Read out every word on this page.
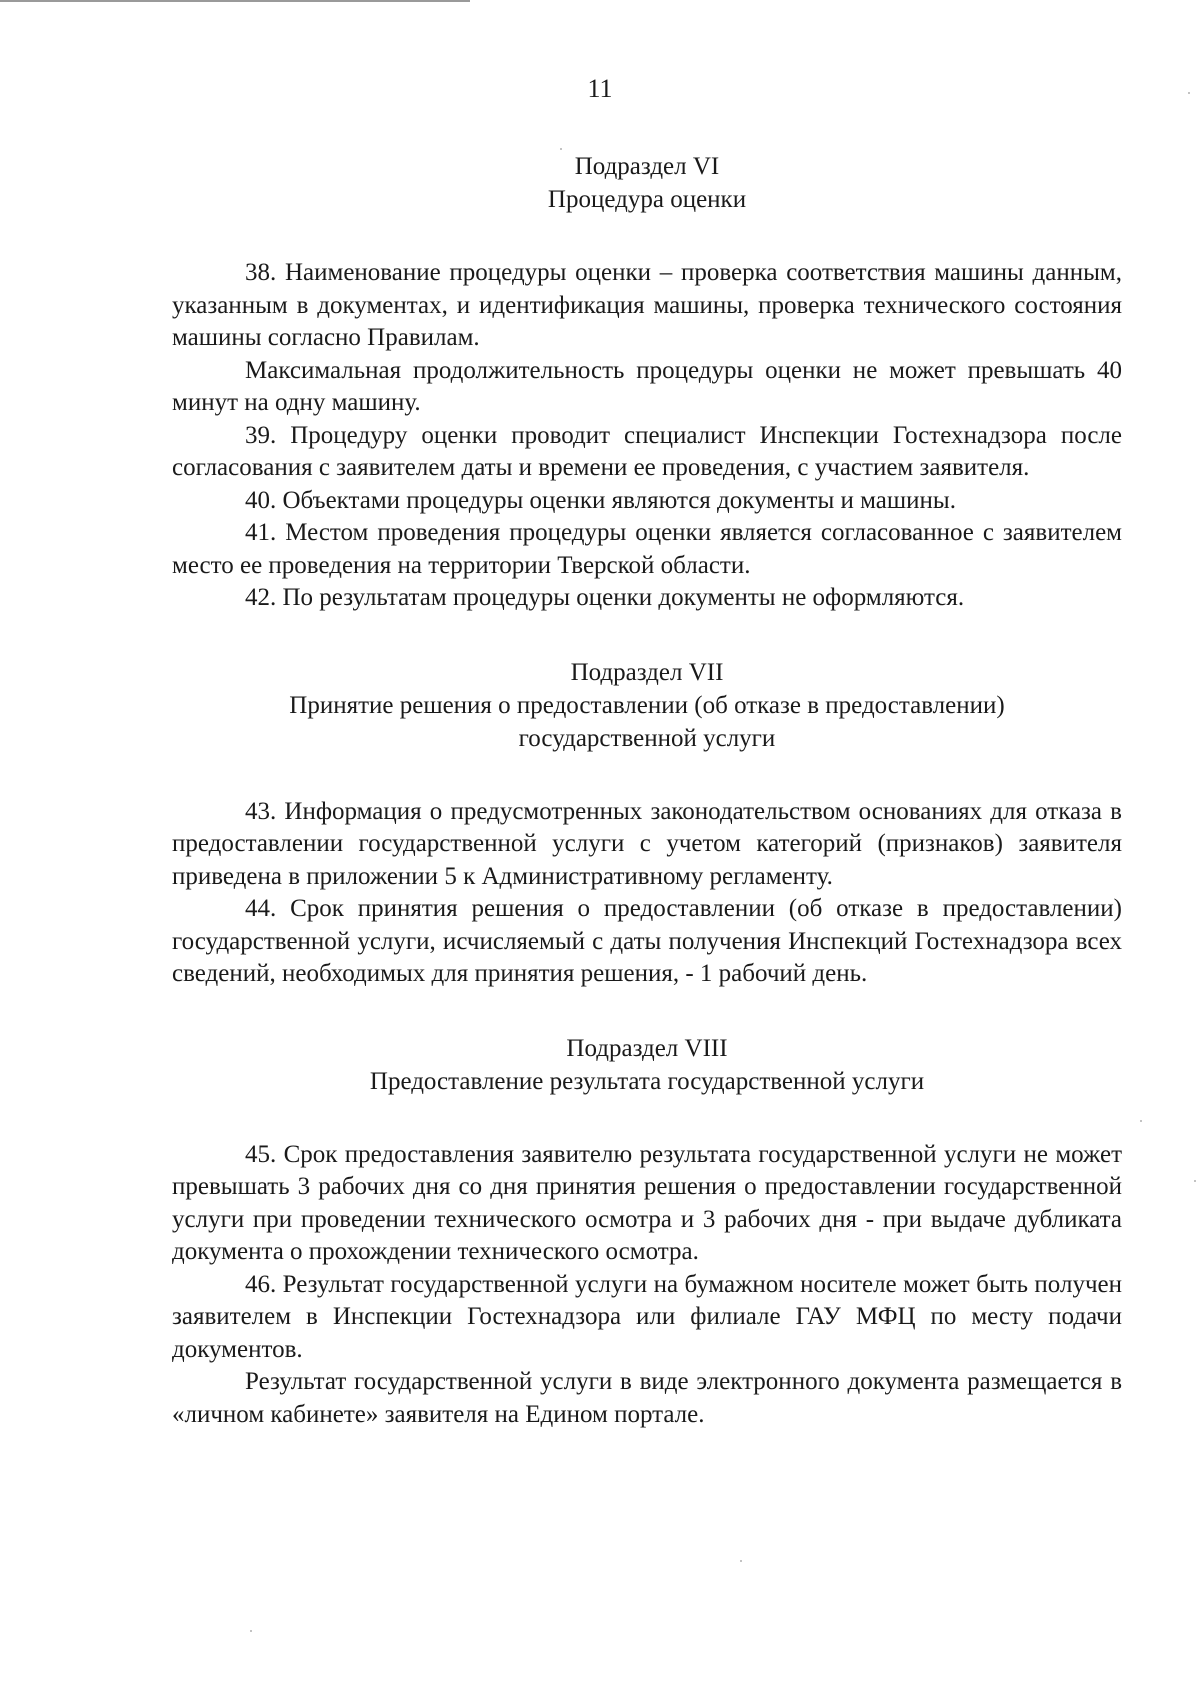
11

Подраздел VI

Процедура оценки

38. Наименование процедуры оценки – проверка соответствия машины данным, указанным в документах, и идентификация машины, проверка технического состояния машины согласно Правилам.

Максимальная продолжительность процедуры оценки не может превышать 40 минут на одну машину.

39. Процедуру оценки проводит специалист Инспекции Гостехнадзора после согласования с заявителем даты и времени ее проведения, с участием заявителя.

40. Объектами процедуры оценки являются документы и машины.

41. Местом проведения процедуры оценки является согласованное с заявителем место ее проведения на территории Тверской области.

42. По результатам процедуры оценки документы не оформляются.

Подраздел VII

Принятие решения о предоставлении (об отказе в предоставлении)

государственной услуги

43. Информация о предусмотренных законодательством основаниях для отказа в предоставлении государственной услуги с учетом категорий (признаков) заявителя приведена в приложении 5 к Административному регламенту.

44. Срок принятия решения о предоставлении (об отказе в предоставлении) государственной услуги, исчисляемый с даты получения Инспекций Гостехнадзора всех сведений, необходимых для принятия решения, - 1 рабочий день.

Подраздел VIII

Предоставление результата государственной услуги

45. Срок предоставления заявителю результата государственной услуги не может превышать 3 рабочих дня со дня принятия решения о предоставлении государственной услуги при проведении технического осмотра и 3 рабочих дня - при выдаче дубликата документа о прохождении технического осмотра.

46. Результат государственной услуги на бумажном носителе может быть получен заявителем в Инспекции Гостехнадзора или филиале ГАУ МФЦ по месту подачи документов.

Результат государственной услуги в виде электронного документа размещается в «личном кабинете» заявителя на Едином портале.
